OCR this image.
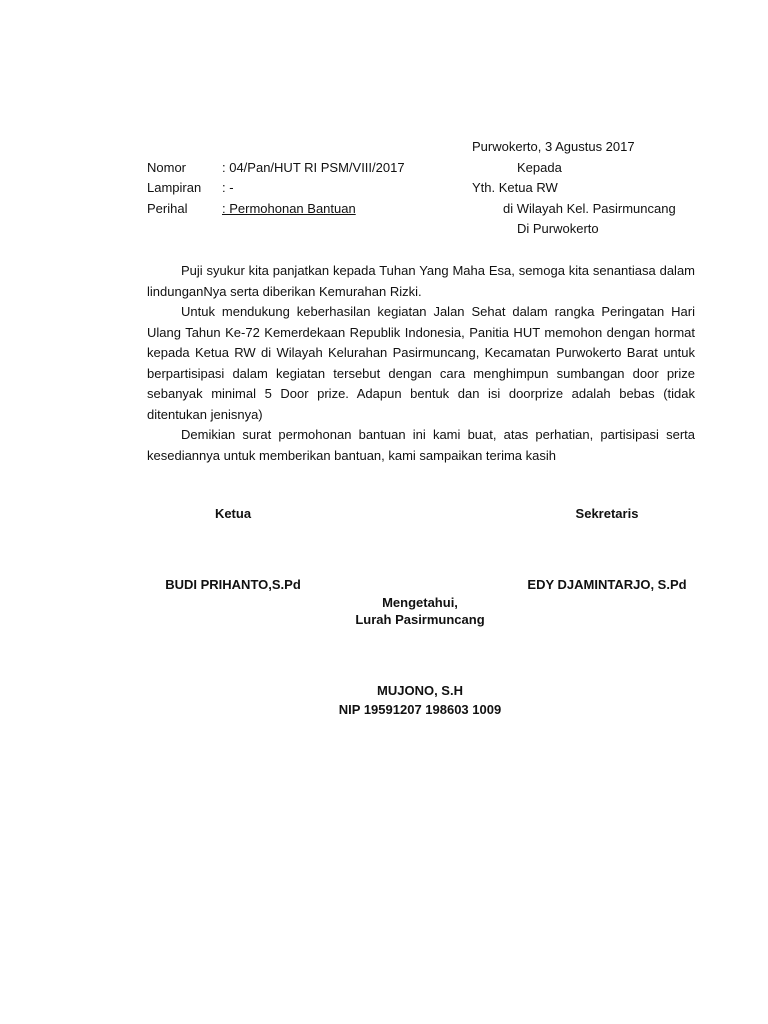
Purwokerto, 3 Agustus 2017
Nomor	: 04/Pan/HUT RI PSM/VIII/2017	Kepada
Lampiran : -	Yth. Ketua RW
Perihal	: Permohonan Bantuan	di Wilayah Kel. Pasirmuncang
Di Purwokerto

Puji syukur kita panjatkan kepada Tuhan Yang Maha Esa, semoga kita senantiasa dalam lindunganNya serta diberikan Kemurahan Rizki.

Untuk mendukung keberhasilan kegiatan Jalan Sehat dalam rangka Peringatan Hari Ulang Tahun Ke-72 Kemerdekaan Republik Indonesia, Panitia HUT memohon dengan hormat kepada Ketua RW di Wilayah Kelurahan Pasirmuncang, Kecamatan Purwokerto Barat untuk berpartisipasi dalam kegiatan tersebut dengan cara menghimpun sumbangan door prize sebanyak minimal 5 Door prize. Adapun bentuk dan isi doorprize adalah bebas (tidak ditentukan jenisnya)

Demikian surat permohonan bantuan ini kami buat, atas perhatian, partisipasi serta kesediannya untuk memberikan bantuan, kami sampaikan terima kasih

Ketua	Sekretaris
BUDI PRIHANTO,S.Pd	EDY DJAMINTARJO, S.Pd
Mengetahui,
Lurah Pasirmuncang
MUJONO, S.H
NIP 19591207 198603 1009
